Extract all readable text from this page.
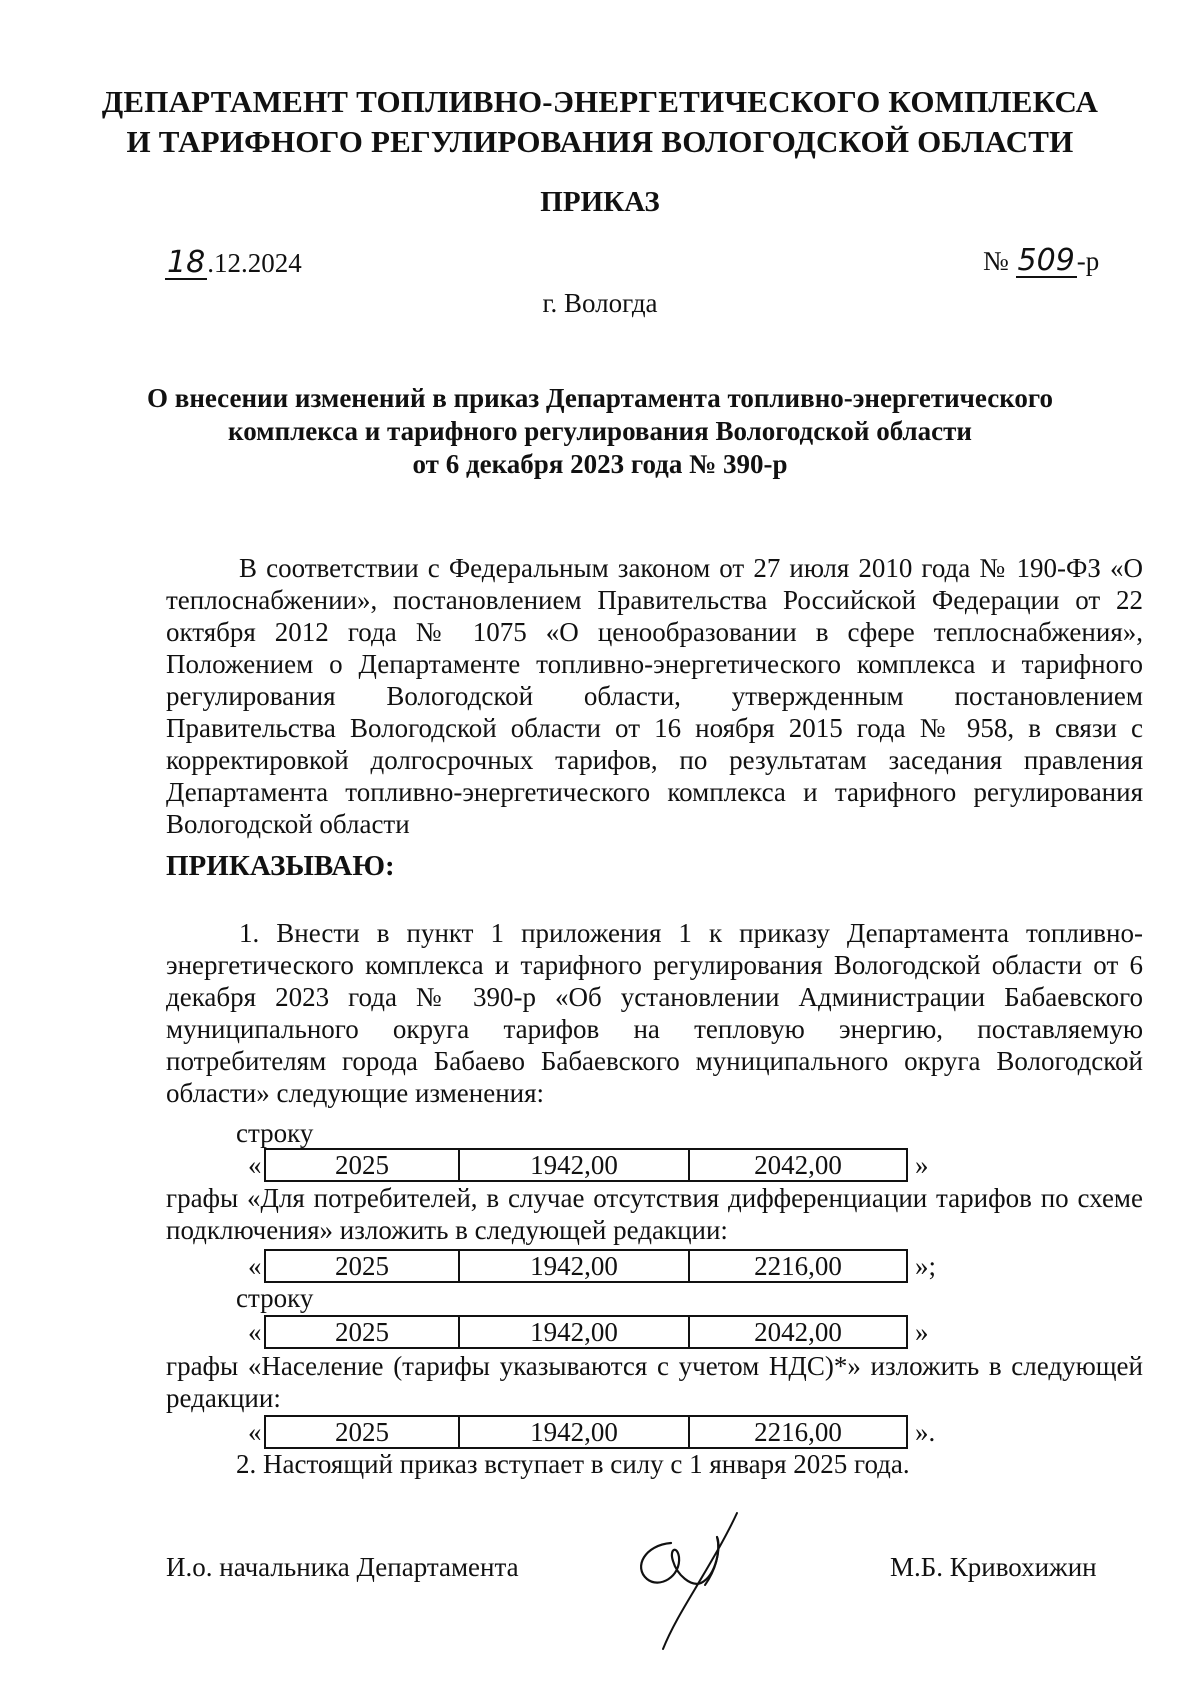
ДЕПАРТАМЕНТ ТОПЛИВНО-ЭНЕРГЕТИЧЕСКОГО КОМПЛЕКСА
И ТАРИФНОГО РЕГУЛИРОВАНИЯ ВОЛОГОДСКОЙ ОБЛАСТИ
ПРИКАЗ
18.12.2024	№ 509-р
г. Вологда
О внесении изменений в приказ Департамента топливно-энергетического
комплекса и тарифного регулирования Вологодской области
от 6 декабря 2023 года № 390-р
В соответствии с Федеральным законом от 27 июля 2010 года № 190-ФЗ «О теплоснабжении», постановлением Правительства Российской Федерации от 22 октября 2012 года № 1075 «О ценообразовании в сфере теплоснабжения», Положением о Департаменте топливно-энергетического комплекса и тарифного регулирования Вологодской области, утвержденным постановлением Правительства Вологодской области от 16 ноября 2015 года № 958, в связи с корректировкой долгосрочных тарифов, по результатам заседания правления Департамента топливно-энергетического комплекса и тарифного регулирования Вологодской области
ПРИКАЗЫВАЮ:
1. Внести в пункт 1 приложения 1 к приказу Департамента топливно-энергетического комплекса и тарифного регулирования Вологодской области от 6 декабря 2023 года № 390-р «Об установлении Администрации Бабаевского муниципального округа тарифов на тепловую энергию, поставляемую потребителям города Бабаево Бабаевского муниципального округа Вологодской области» следующие изменения:
строку
«	2025	1942,00	2042,00	»
графы «Для потребителей, в случае отсутствия дифференциации тарифов по схеме подключения» изложить в следующей редакции:
«	2025	1942,00	2216,00	»;
строку
«	2025	1942,00	2042,00	»
графы «Население (тарифы указываются с учетом НДС)*» изложить в следующей редакции:
«	2025	1942,00	2216,00	».
2. Настоящий приказ вступает в силу с 1 января 2025 года.
И.о. начальника Департамента	М.Б. Кривохижин
